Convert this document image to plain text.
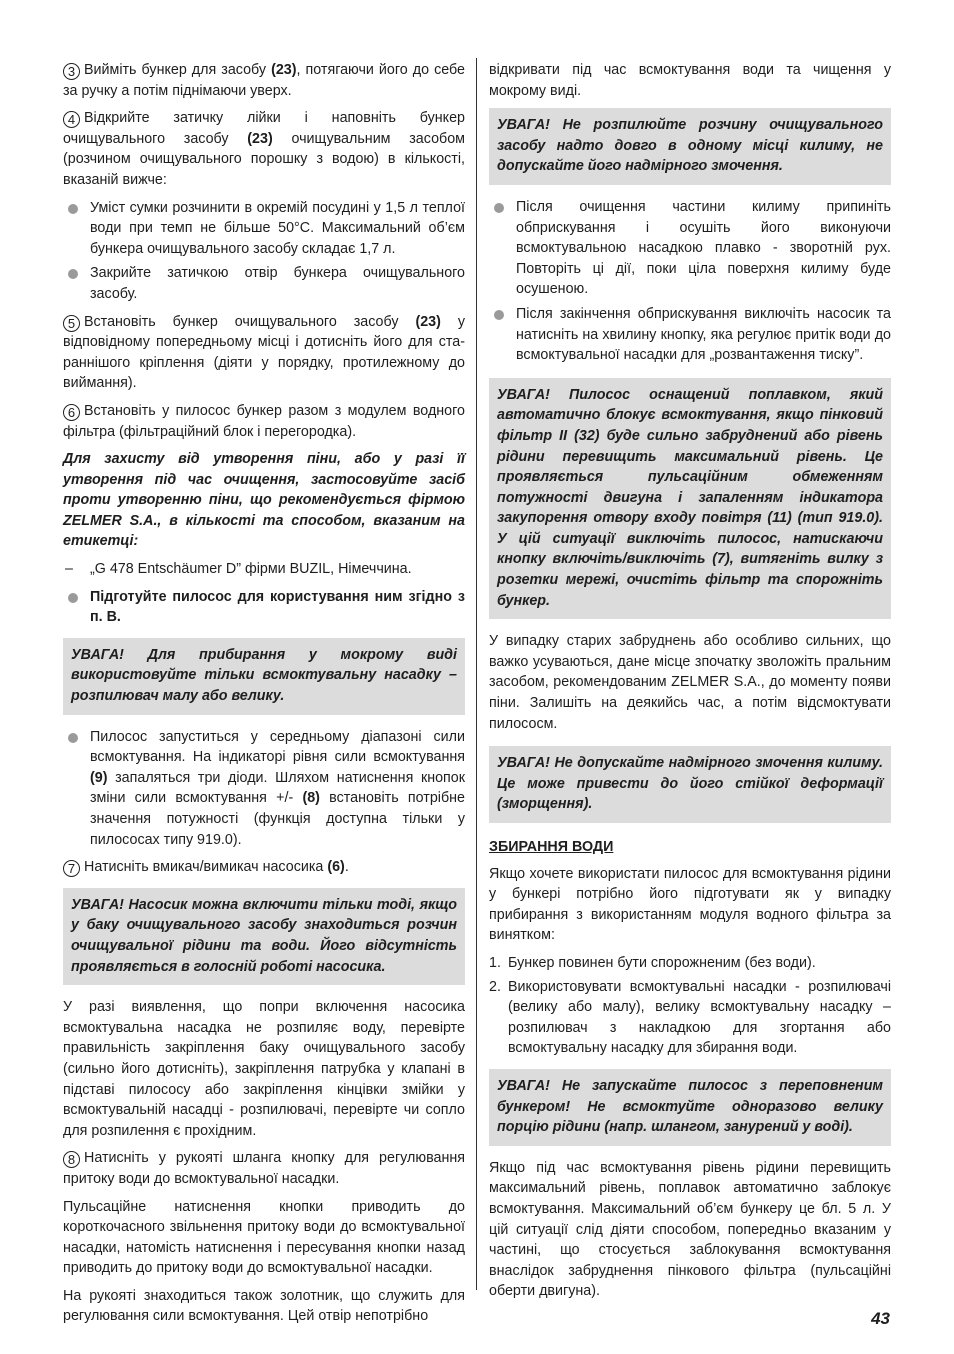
3 Вийміть бункер для засобу (23), потягаючи його до себе за ручку а потім піднімаючи уверх.

4 Відкрийте затичку лійки і наповніть бункер очищувального засобу (23) очищувальним засобом (розчином очищувального порошку з водою) в кількості, вказаній вижче:

Уміст сумки розчинити в окремій посудині у 1,5 л теплої води при темп не більше 50°С. Максимальний об’єм бункера очищувального засобу складає 1,7 л.
Закрийте затичкою отвір бункера очищувального засобу.

5 Встановіть бункер очищувального засобу (23) у відповідному попередньому місці і дотисніть його для стараннішого кріплення (діяти у порядку, протилежному до виймання).

6 Встановіть у пилосос бункер разом з модулем водного фільтра (фільтраційний блок і перегородка).

Для захисту від утворення піни, або у разі її утворення під час очищення, застосовуйте засіб проти утворенню піни, що рекомендується фірмою ZELMER S.A., в кількості та способом, вказаним на етикетці:

– „G 478 Entschäumer D” фірми BUZIL, Німеччина.
Підготуйте пилосос для користування ним згідно з п. B.
УВАГА! Для прибирання у мокрому виді використовуйте тільки всмоктувальну насадку – розпилювач малу або велику.
Пилосос запуститься у середньому діапазоні сили всмоктування. На індикаторі рівня сили всмоктування (9) запаляться три діоди. Шляхом натиснення кнопок зміни сили всмоктування +/- (8) встановіть потрібне значення потужності (функція доступна тільки у пилососах типу 919.0).

7 Натисніть вмикач/вимикач насосика (6).

УВАГА! Насосик можна включити тільки тоді, якщо у баку очищувального засобу знаходиться розчин очищувальної рідини та води. Його відсутність проявляється в голосній роботі насосика.

У разі виявлення, що попри включення насосика всмоктувальна насадка не розпиляє воду, перевірте правильність закріплення баку очищувального засобу (сильно його дотисніть), закріплення патрубка у клапані в підставі пилососу або закріплення кінцівки змійки у всмоктувальній насадці - розпилювачі, перевірте чи сопло для розпилення є прохідним.

8 Натисніть у рукояті шланга кнопку для регулювання притоку води до всмоктувальної насадки.

Пульсаційне натиснення кнопки приводить до короткочасного звільнення притоку води до всмоктувальної насадки, натомість натиснення і пересування кнопки назад приводить до притоку води до всмоктувальної насадки.

На рукояті знаходиться також золотник, що служить для регулювання сили всмоктування. Цей отвір непотрібно

відкривати під час всмоктування води та чищення у мокрому виді.

УВАГА! Не розпилюйте розчину очищувального засобу надто довго в одному місці килиму, не допускайте його надмірного змочення.
Після очищення частини килиму припиніть обприскування і осушіть його виконуючи всмоктувальною насадкою плавко - зворотній рух. Повторіть ці дії, поки ціла поверхня килиму буде осушеною.
Після закінчення обприскування виключіть насосик та натисніть на хвилину кнопку, яка регулює притік води до всмоктувальної насадки для „розвантаження тиску”.
УВАГА! Пилосос оснащений поплавком, який автоматично блокує всмоктування, якщо пінковий фільтр II (32) буде сильно забруднений або рівень рідини перевищить максимальний рівень. Це проявляється пульсаційним обмеженням потужності двигуна і запаленням індикатора закупорення отвору входу повітря (11) (тип 919.0). У цій ситуації виключіть пилосос, натискаючи кнопку включіть/виключіть (7), витягніть вилку з розетки мережі, очистіть фільтр та спорожніть бункер.

У випадку старих забруднень або особливо сильних, що важко усуваються, дане місце зпочатку зволожіть пральним засобом, рекомендованим ZELMER S.A., до моменту появи піни. Залишіть на деякийсь час, а потім відсмоктувати пилососм.

УВАГА! Не допускайте надмірного змочення килиму. Це може привести до його стійкої деформації (зморщення).
ЗБИРАННЯ ВОДИ

Якщо хочете використати пилосос для всмоктування рідини у бункері потрібно його підготувати як у випадку прибирання з використанням модуля водного фільтра за винятком:

1. Бункер повинен бути спорожненим (без води).
2. Використовувати всмоктувальні насадки - розпилювачі (велику або малу), велику всмоктувальну насадку – розпилювач з накладкою для згортання або всмоктувальну насадку для збирання води.
УВАГА! Не запускайте пилосос з переповненим бункером! Не всмоктуйте одноразово велику порцію рідини (напр. шлангом, занурений у воді).

Якщо під час всмоктування рівень рідини перевищить максимальний рівень, поплавок автоматично заблокує всмоктування. Максимальний об’єм бункеру це бл. 5 л. У цій ситуації слід діяти способом, попередньо вказаним у частині, що стосується заблокування всмоктування внаслідок забруднення пінкового фільтра (пульсаційні оберти двигуна).

43
